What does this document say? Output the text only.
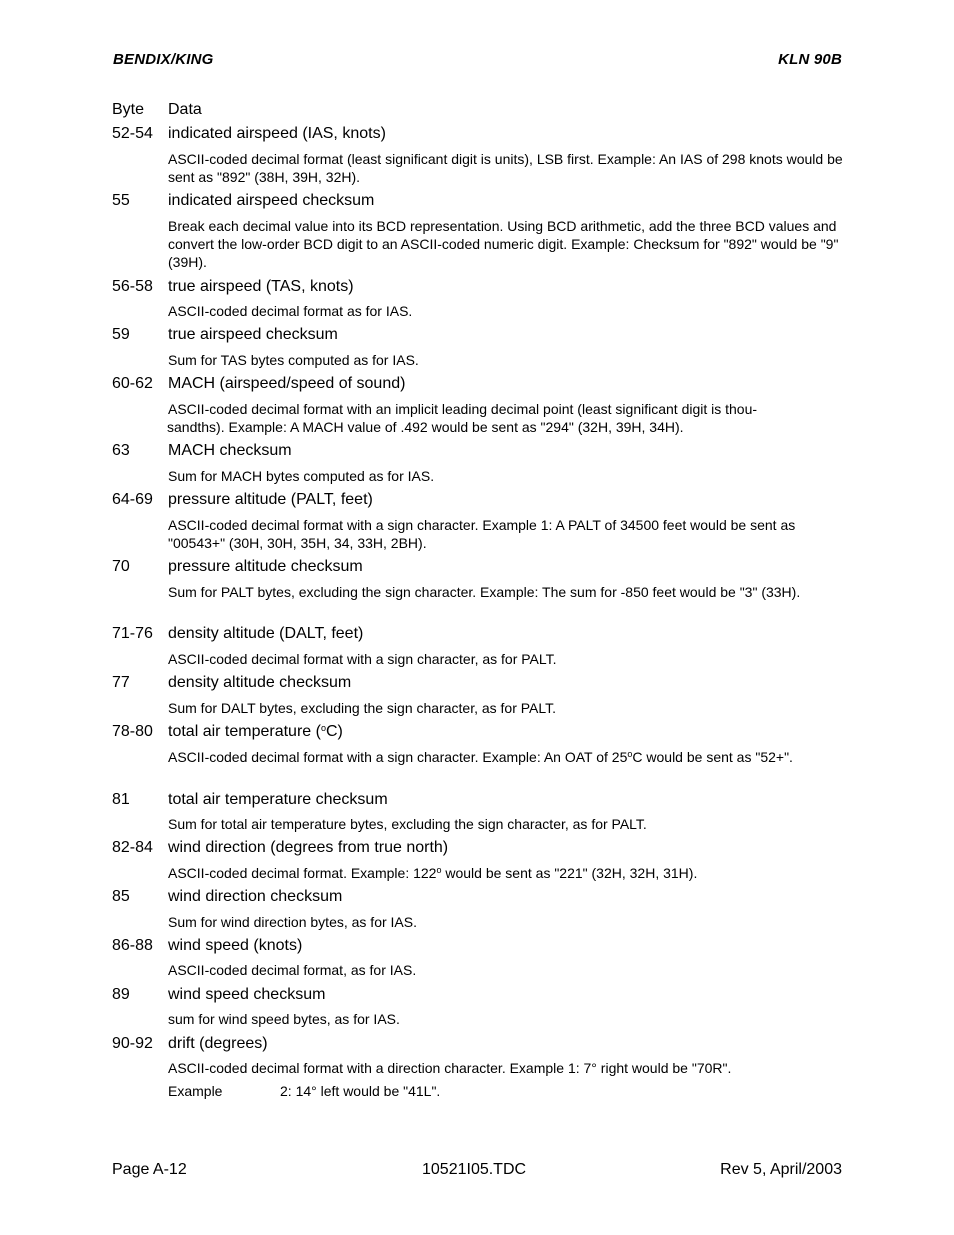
BENDIX/KING	KLN 90B
Byte Data
52-54 indicated airspeed (IAS, knots)
ASCII-coded decimal format (least significant digit is units), LSB first. Example: An IAS of 298 knots would be sent as "892" (38H, 39H, 32H).
55 indicated airspeed checksum
Break each decimal value into its BCD representation. Using BCD arithmetic, add the three BCD values and convert the low-order BCD digit to an ASCII-coded numeric digit. Example: Checksum for "892" would be "9" (39H).
56-58 true airspeed (TAS, knots)
ASCII-coded decimal format as for IAS.
59 true airspeed checksum
Sum for TAS bytes computed as for IAS.
60-62 MACH (airspeed/speed of sound)
ASCII-coded decimal format with an implicit leading decimal point (least significant digit is thou-
sandths). Example: A MACH value of .492 would be sent as "294" (32H, 39H, 34H).
63 MACH checksum
Sum for MACH bytes computed as for IAS.
64-69 pressure altitude (PALT, feet)
ASCII-coded decimal format with a sign character. Example 1: A PALT of 34500 feet would be sent as "00543+" (30H, 30H, 35H, 34, 33H, 2BH).
70 pressure altitude checksum
Sum for PALT bytes, excluding the sign character. Example: The sum for -850 feet would be "3" (33H).
71-76 density altitude (DALT, feet)
ASCII-coded decimal format with a sign character, as for PALT.
77 density altitude checksum
Sum for DALT bytes, excluding the sign character, as for PALT.
78-80 total air temperature ($^o$C)
ASCII-coded decimal format with a sign character. Example: An OAT of 25$^o$C would be sent as "52+".
81 total air temperature checksum
Sum for total air temperature bytes, excluding the sign character, as for PALT.
82-84 wind direction (degrees from true north)
ASCII-coded decimal format. Example: 122$^o$ would be sent as "221" (32H, 32H, 31H).
85 wind direction checksum
Sum for wind direction bytes, as for IAS.
86-88 wind speed (knots)
ASCII-coded decimal format, as for IAS.
89 wind speed checksum
sum for wind speed bytes, as for IAS.
90-92 drift (degrees)
ASCII-coded decimal format with a direction character. Example 1: 7° right would be "70R".
Example	2: 14° left would be "41L".
Page A-12	10521I05.TDC	Rev 5, April/2003
